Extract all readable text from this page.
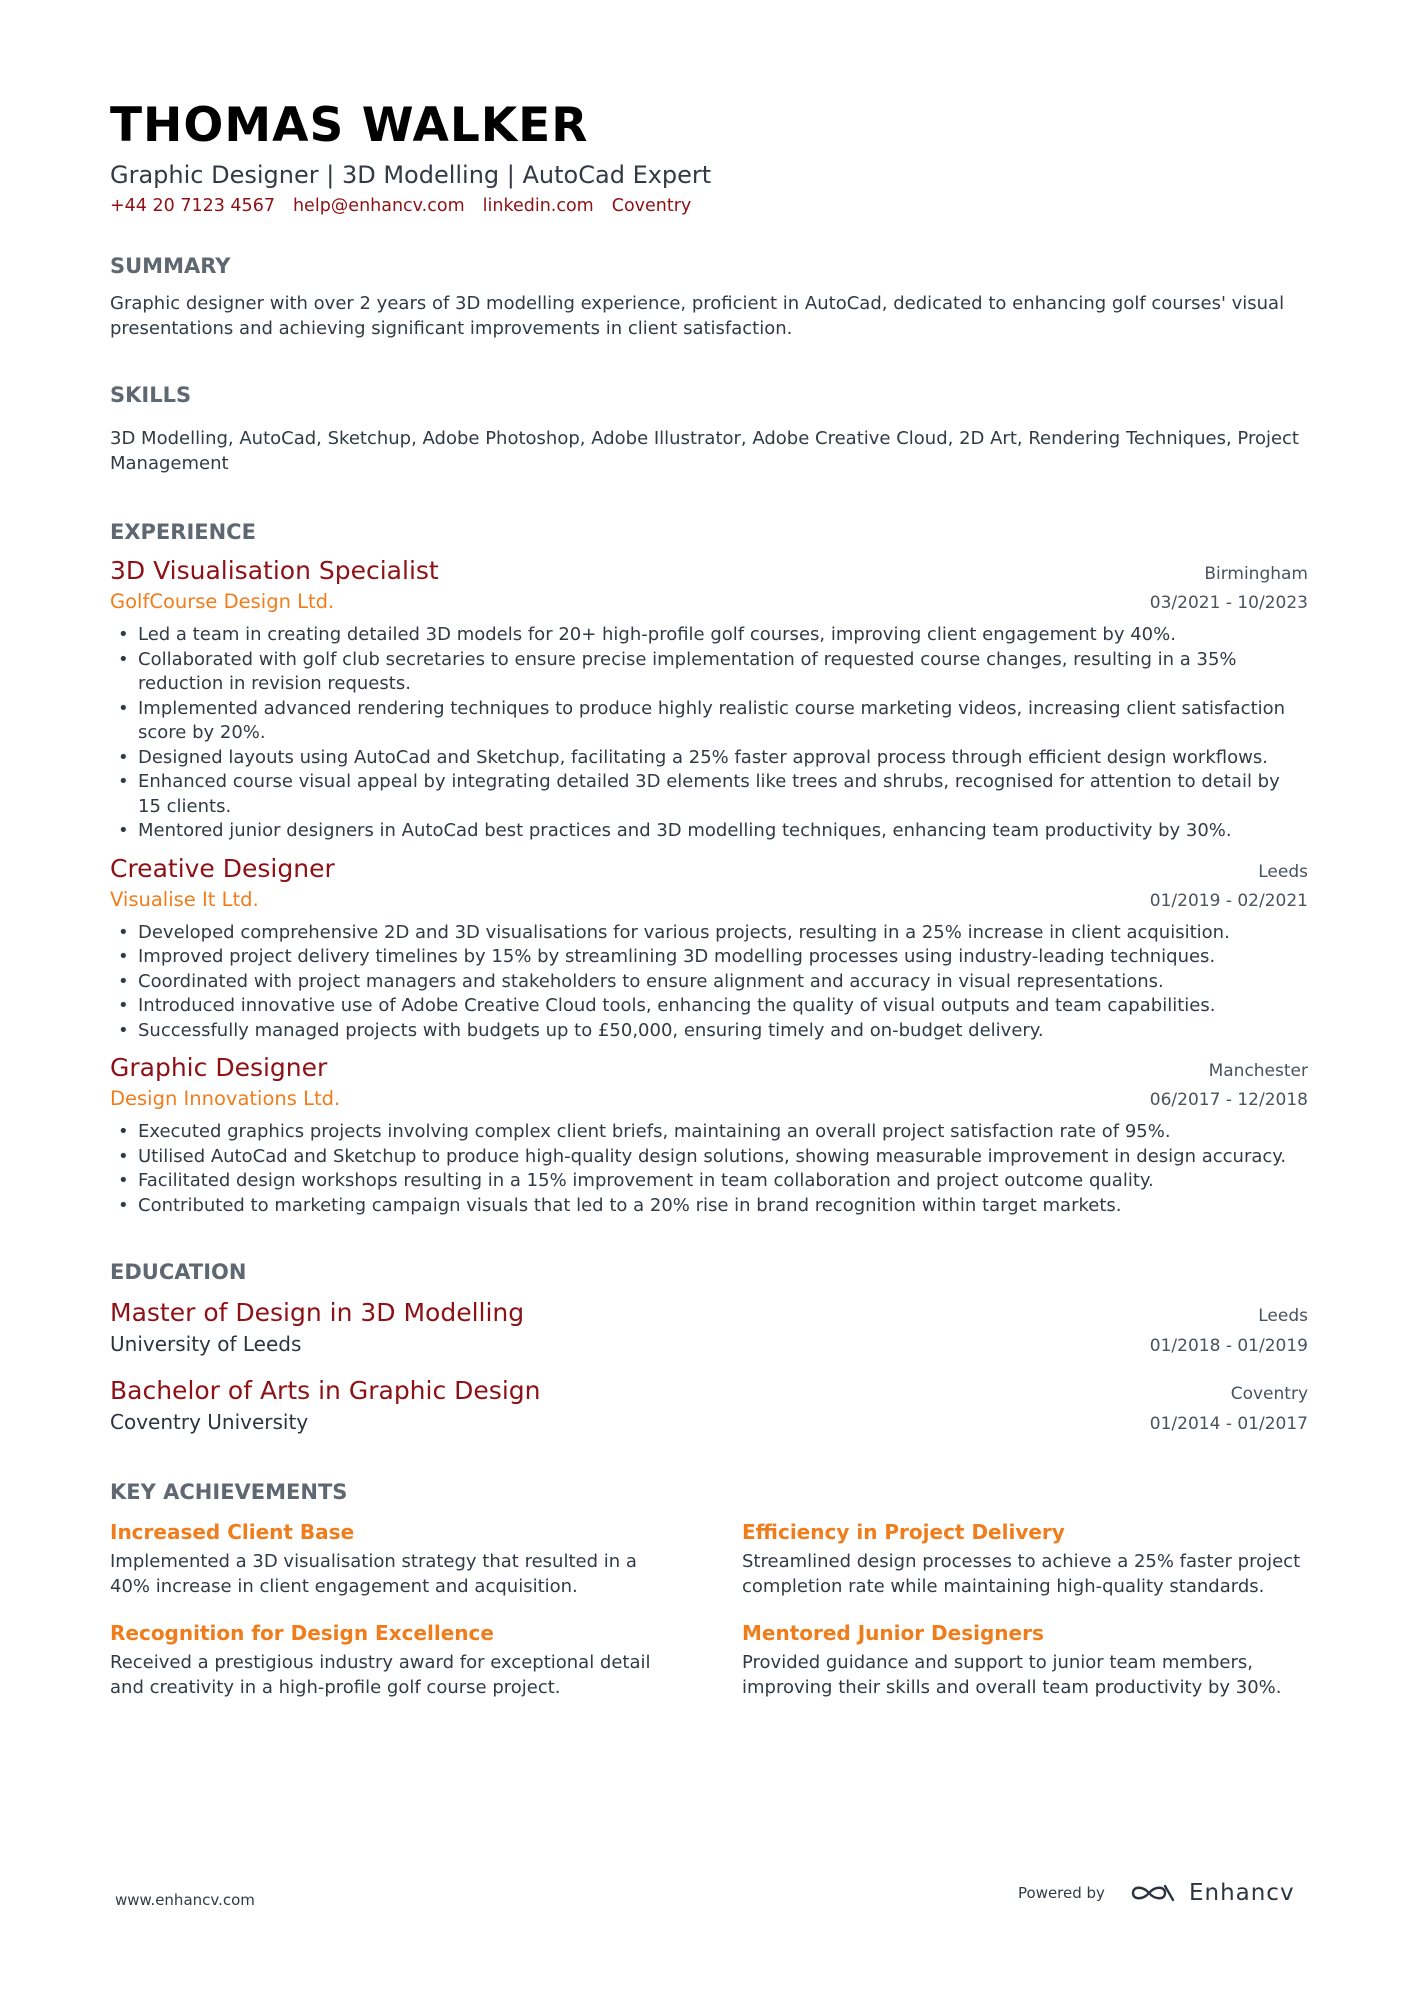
THOMAS WALKER
Graphic Designer | 3D Modelling | AutoCad Expert
+44 20 7123 4567 help@enhancv.com linkedin.com Coventry
SUMMARY
Graphic designer with over 2 years of 3D modelling experience, proficient in AutoCad, dedicated to enhancing golf courses' visual presentations and achieving significant improvements in client satisfaction.
SKILLS
3D Modelling, AutoCad, Sketchup, Adobe Photoshop, Adobe Illustrator, Adobe Creative Cloud, 2D Art, Rendering Techniques, Project Management
EXPERIENCE
3D Visualisation Specialist	Birmingham
GolfCourse Design Ltd.	03/2021 - 10/2023
• Led a team in creating detailed 3D models for 20+ high-profile golf courses, improving client engagement by 40%.
• Collaborated with golf club secretaries to ensure precise implementation of requested course changes, resulting in a 35% reduction in revision requests.
• Implemented advanced rendering techniques to produce highly realistic course marketing videos, increasing client satisfaction score by 20%.
• Designed layouts using AutoCad and Sketchup, facilitating a 25% faster approval process through efficient design workflows.
• Enhanced course visual appeal by integrating detailed 3D elements like trees and shrubs, recognised for attention to detail by 15 clients.
• Mentored junior designers in AutoCad best practices and 3D modelling techniques, enhancing team productivity by 30%.
Creative Designer	Leeds
Visualise It Ltd.	01/2019 - 02/2021
• Developed comprehensive 2D and 3D visualisations for various projects, resulting in a 25% increase in client acquisition.
• Improved project delivery timelines by 15% by streamlining 3D modelling processes using industry-leading techniques.
• Coordinated with project managers and stakeholders to ensure alignment and accuracy in visual representations.
• Introduced innovative use of Adobe Creative Cloud tools, enhancing the quality of visual outputs and team capabilities.
• Successfully managed projects with budgets up to £50,000, ensuring timely and on-budget delivery.
Graphic Designer	Manchester
Design Innovations Ltd.	06/2017 - 12/2018
• Executed graphics projects involving complex client briefs, maintaining an overall project satisfaction rate of 95%.
• Utilised AutoCad and Sketchup to produce high-quality design solutions, showing measurable improvement in design accuracy.
• Facilitated design workshops resulting in a 15% improvement in team collaboration and project outcome quality.
• Contributed to marketing campaign visuals that led to a 20% rise in brand recognition within target markets.
EDUCATION
Master of Design in 3D Modelling	Leeds
University of Leeds	01/2018 - 01/2019
Bachelor of Arts in Graphic Design	Coventry
Coventry University	01/2014 - 01/2017
KEY ACHIEVEMENTS
Increased Client Base
Implemented a 3D visualisation strategy that resulted in a 40% increase in client engagement and acquisition.
Efficiency in Project Delivery
Streamlined design processes to achieve a 25% faster project completion rate while maintaining high-quality standards.
Recognition for Design Excellence
Received a prestigious industry award for exceptional detail and creativity in a high-profile golf course project.
Mentored Junior Designers
Provided guidance and support to junior team members, improving their skills and overall team productivity by 30%.
www.enhancv.com	Powered by	Enhancv
